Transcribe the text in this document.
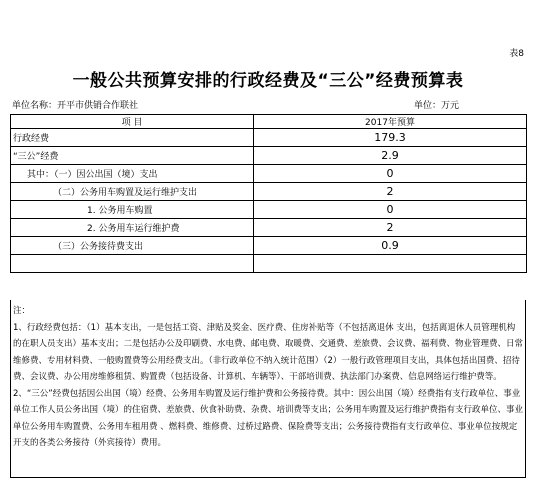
表8
一般公共预算安排的行政经费及“三公”经费预算表
单位名称：开平市供销合作联社	单位：万元
项 目	2017年预算
行政经费	179.3
“三公”经费	2.9
其中：（一）因公出国（境）支出	0
（二）公务用车购置及运行维护支出	2
1. 公务用车购置	0
2. 公务用车运行维护费	2
（三）公务接待费支出	0.9

注：
1、行政经费包括：（1）基本支出，一是包括工资、津贴及奖金、医疗费、住房补贴等（不包括离退休 支出，包括离退休人员管理机构的在职人员支出）基本支出；二是包括办公及印刷费、水电费、邮电费、取暖费、交通费、差旅费、会议费、福利费、物业管理费、日常维修费、专用材料费、一般购置费等公用经费支出。（非行政单位不纳入统计范围）（2）一般行政管理项目支出，具体包括出国费、招待费、会议费、办公用房维修租赁、购置费（包括设备、计算机、车辆等）、干部培训费、执法部门办案费、信息网络运行维护费等。
2、“三公”经费包括因公出国（境）经费、公务用车购置及运行维护费和公务接待费。其中：因公出国（境）经费指有支行政单位、事业单位工作人员公务出国（境）的住宿费、差旅费、伙食补助费、杂费、培训费等支出；公务用车购置及运行维护费指有支行政单位、事业单位公务用车购置费、公务用车租用费 、燃料费、维修费、过桥过路费、保险费等支出；公务接待费指有支行政单位、事业单位按规定开支的各类公务接待（外宾接待）费用。
